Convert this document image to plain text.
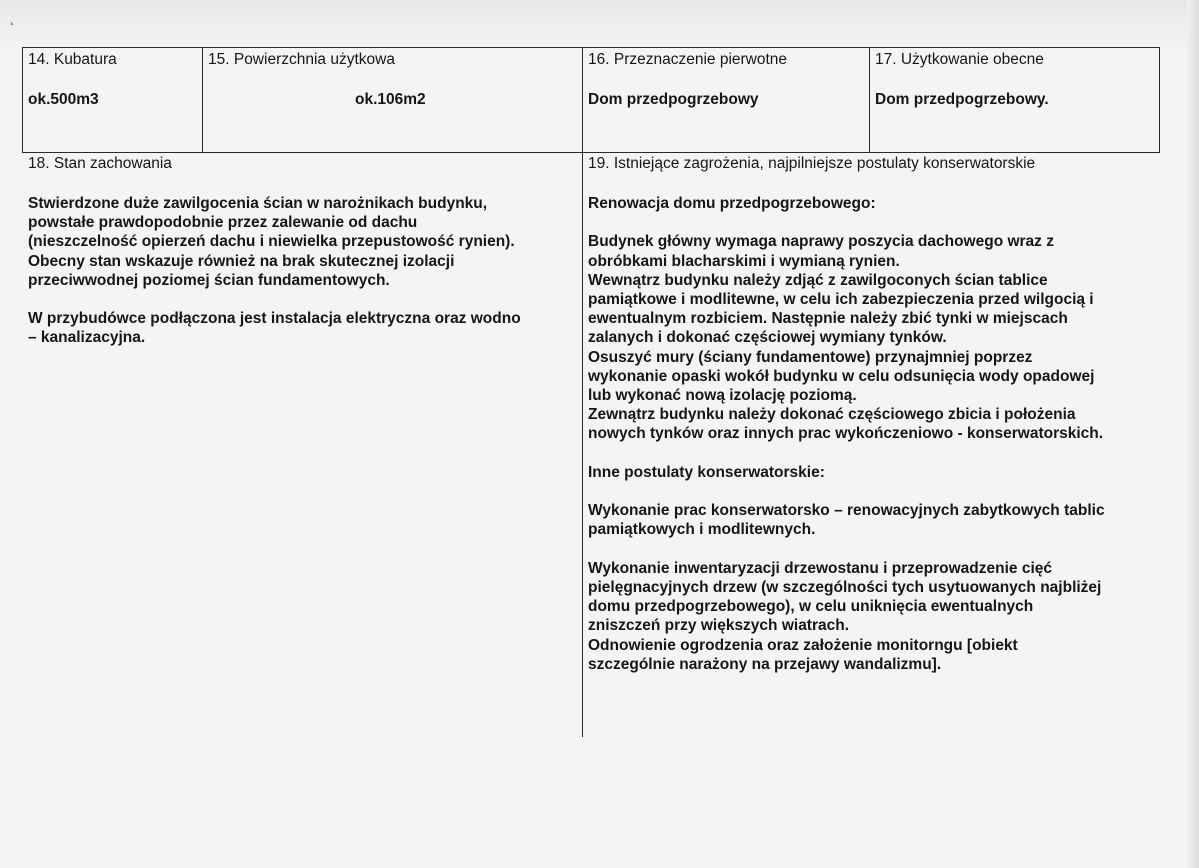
▪
14. Kubatura
ok.500m3
15. Powierzchnia użytkowa
ok.106m2
16. Przeznaczenie pierwotne
Dom przedpogrzebowy
17. Użytkowanie obecne
Dom przedpogrzebowy.
18. Stan zachowania

Stwierdzone duże zawilgocenia ścian w narożnikach budynku,

powstałe prawdopodobnie przez zalewanie od dachu

(nieszczelność opierzeń dachu i niewielka przepustowość rynien).

Obecny stan wskazuje również na brak skutecznej izolacji

przeciwwodnej poziomej ścian fundamentowych.

W przybudówce podłączona jest instalacja elektryczna oraz wodno

– kanalizacyjna.

19. Istniejące zagrożenia, najpilniejsze postulaty konserwatorskie

Renowacja domu przedpogrzebowego:

Budynek główny wymaga naprawy poszycia dachowego wraz z

obróbkami blacharskimi i wymianą rynien.

Wewnątrz budynku należy zdjąć z zawilgoconych ścian tablice

pamiątkowe i modlitewne, w celu ich zabezpieczenia przed wilgocią i

ewentualnym rozbiciem. Następnie należy zbić tynki w miejscach

zalanych i dokonać częściowej wymiany tynków.

Osuszyć mury (ściany fundamentowe) przynajmniej poprzez

wykonanie opaski wokół budynku w celu odsunięcia wody opadowej

lub wykonać nową izolację poziomą.

Zewnątrz budynku należy dokonać częściowego zbicia i położenia

nowych tynków oraz innych prac wykończeniowo - konserwatorskich.

Inne postulaty konserwatorskie:

Wykonanie prac konserwatorsko – renowacyjnych zabytkowych tablic

pamiątkowych i modlitewnych.

Wykonanie inwentaryzacji drzewostanu i przeprowadzenie cięć

pielęgnacyjnych drzew (w szczególności tych usytuowanych najbliżej

domu przedpogrzebowego), w celu uniknięcia ewentualnych

zniszczeń przy większych wiatrach.

Odnowienie ogrodzenia oraz założenie monitorngu [obiekt

szczególnie narażony na przejawy wandalizmu].
